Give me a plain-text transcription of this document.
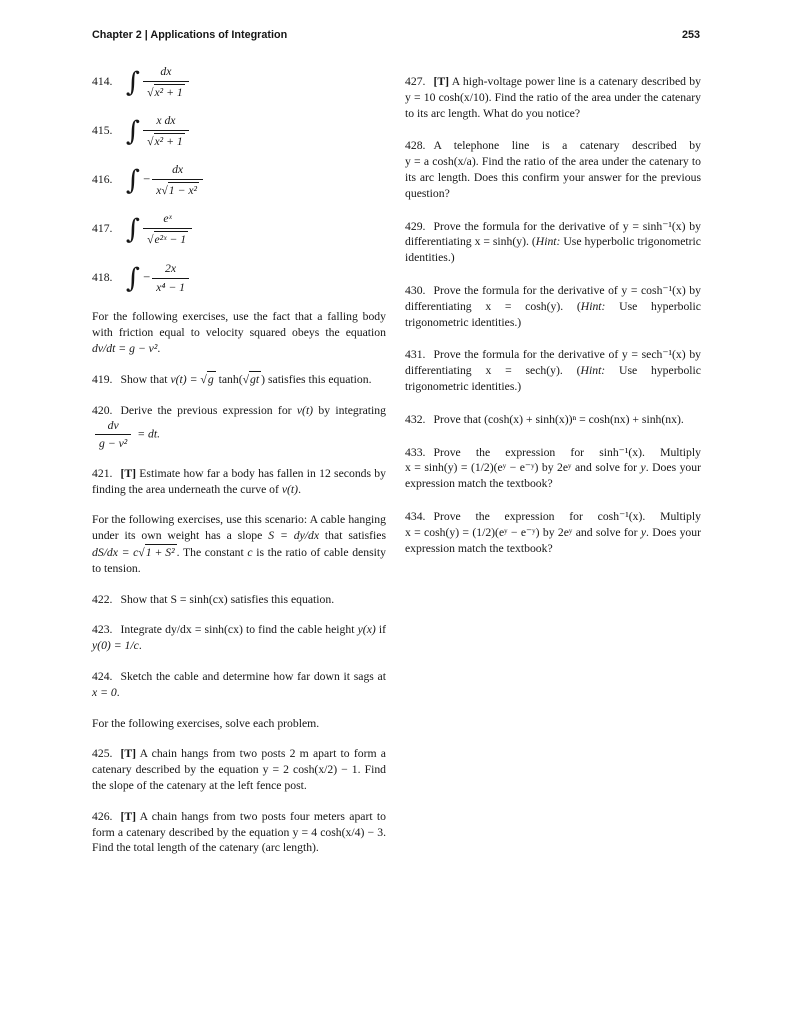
Chapter 2 | Applications of Integration	253
414. ∫ $\frac{dx}{\text{√x² + 1}}$
415. ∫ $\frac{\text{x dx}}{\text{√x² + 1}}$
416. ∫ − $\frac{dx}{\text{x√1 − x²}}$
417. ∫ $\frac{\text{eˣ}}{\text{√e²ˣ − 1}}$
418. ∫ − $\frac{2x}{\text{x⁴ − 1}}$

For the following exercises, use the fact that a falling body with friction equal to velocity squared obeys the equation dv/dt = g − v².

419. Show that v(t) = √g tanh(√gt ) satisfies this equation.

420. Derive the previous expression for v(t) by integrating
$\frac{dv}{\text{g − v²}}$ = dt.

421. [T] Estimate how far a body has fallen in 12 seconds by finding the area underneath the curve of v(t).

For the following exercises, use this scenario: A cable hanging under its own weight has a slope S = dy/dx that satisfies dS/dx = c√1 + S² . The constant c is the ratio of cable density to tension.

422. Show that S = sinh(cx) satisfies this equation.

423. Integrate dy/dx = sinh(cx) to find the cable height y(x) if y(0) = 1/c.

424. Sketch the cable and determine how far down it sags at x = 0.

For the following exercises, solve each problem.

425. [T] A chain hangs from two posts 2 m apart to form a catenary described by the equation y = 2 cosh(x/2) − 1. Find the slope of the catenary at the left fence post.

426. [T] A chain hangs from two posts four meters apart to form a catenary described by the equation y = 4 cosh(x/4) − 3. Find the total length of the catenary (arc length).

427. [T] A high-voltage power line is a catenary described by y = 10 cosh(x/10). Find the ratio of the area under the catenary to its arc length. What do you notice?

428. A telephone line is a catenary described by y = a cosh(x/a). Find the ratio of the area under the catenary to its arc length. Does this confirm your answer for the previous question?

429. Prove the formula for the derivative of y = sinh⁻¹(x) by differentiating x = sinh(y). (Hint: Use hyperbolic trigonometric identities.)

430. Prove the formula for the derivative of y = cosh⁻¹(x) by differentiating x = cosh(y). (Hint: Use hyperbolic trigonometric identities.)

431. Prove the formula for the derivative of y = sech⁻¹(x) by differentiating x = sech(y). (Hint: Use hyperbolic trigonometric identities.)

432. Prove that (cosh(x) + sinh(x))ⁿ = cosh(nx) + sinh(nx).

433. Prove the expression for sinh⁻¹(x). Multiply x = sinh(y) = (1/2)(eʸ − e⁻ʸ) by 2eʸ and solve for y. Does your expression match the textbook?

434. Prove the expression for cosh⁻¹(x). Multiply x = cosh(y) = (1/2)(eʸ − e⁻ʸ) by 2eʸ and solve for y. Does your expression match the textbook?
